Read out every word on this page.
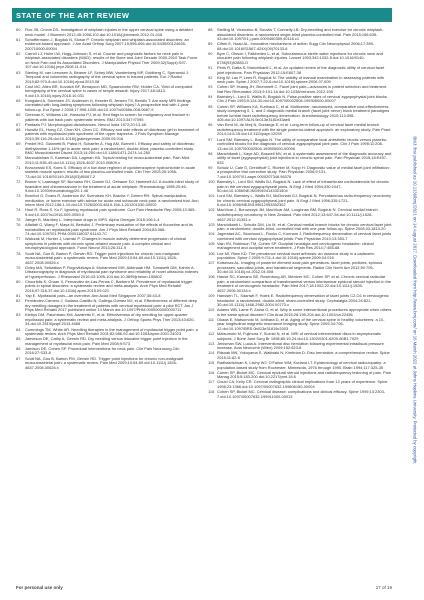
STATE OF THE ART REVIEW
BMJ: first published as 10.1136/bmj.l2021 on 14 August 2017. Downloaded from http://www.bmj.com/ on 16 March 2022 at Johns Hopkins University. Protected by copyright.
60	Fice JB, Cronin DS. Investigation of whiplash injuries in the upper cervical spine using a detailed neck model. J Biomech 2012;45:1098-102.doi:10.1016/j.jbiomech.2012.01.016
61	Schoffermann J, Bogduk N, Slosar P. Chronic whiplash and whiplash-associated disorders: an evidence-based approach. J Am Acad Orthop Surg 2007;15:596-606.doi:10.5435/00124635-200710000-00004
62	Carroll LJ, Holm LW, Hogg-Johnson S, et al. Course and prognostic factors for neck pain in whiplash-associated disorders (WAD): results of the Bone and Joint Decade 2000-2010 Task Force on Neck Pain and Its Associated Disorders. J Manipulative Physiol Ther 2009;32(Suppl):S97-107.doi:10.1016/j.jmpt.2008.11.014
63	Sterling M, van Leeuwen A, Beaner LF, Schey MW, Vandenberg MP, Goldberg C, Speranski J. Temporal and volumetric radiography of the cervical spine in trauma patients. Eur J Radiol 2019;82:970-8.doi:10.1016/j.ejrad.2019.08
64	Cost MC, Allen BR, Kovatch BF, Benayoun MD, Spaandonke RW, Holder CA. Yield of computed tomography of the cervical spine in cases of simple assault. Injury 2017;48:1813-9.doi:10.1016/j.injury.2016.10.031
65	Kongsted A, Sorensen JS, Andersen H, Keseler B, Jensen TS, Bendix T. Are early MRI findings correlated with long-lasting symptoms following whiplash injury? A prospective trial with 1-year follow-up. Eur Spine J 2008;17:996-1005.doi:10.1007/s00586-008-0687-9
66	Greenan K, Williams LM, Hanscha PJ, et al. Red flags to screen for malignancy and fracture in patients with low back pain: systematic review. BMJ 2013;347:f7095
67	Pantazis PJ. Morphological disturbances. Neurol India 1972;20:13-48.
68	Hurwitz EL, Hong CZ, Chen KH, Chen CC. Efficacy and side effects of diclofenac gel in treatment of patients with myofascial pain syndrome of the upper trapezius. J Pain Symptom Manage 2010;39:116-25.doi:10.1016/j.jpainsymman.2009.05.016
69	Predel HG, Giannetti B, Pabst H, Schaefer A, Hug AM, Burnett I. Efficacy and safety of diclofenac diethylamine 1.16% gel in acute neck pain: a randomized, double-blind, placebo-controlled study. BMC Musculoskelet Disord 2013;14:250.doi:10.1186/1471-2474-14-250
70	Manoukishaw S, Kanesan DA, Lagman HA. Topical testing for musculoskeletal pain. Pain Med 2010;11:535-49.doi:10.1111/j.1526-4637.2010.00809.x
71	Brzozowski ES, Koes S. Efficacy of a low dose regimen of cyclobenzaprine hydrochloride in acute skeletal muscle spasm: results of two placebo-controlled trials. Clin Ther 2003;25:1056-73.doi:10.1016/S0149-2918(03)80067-2
72	Bruner V, Laasnage SF, Burnaiso RH, Gosiek DJ, Gebauer DJ, Hammell AJ. A double-blind study of tizanidine and chlormezanone in the treatment of acute whiplash. Rheumatology 1985;20:46-9.doi:10.1093/rheumatology/20.1.46
73	Bronfort G, Evans R, Anderson AV, Svendsen KH, Bracha Y, Grimm RH. Spinal manipulation, medication, or home exercise with advice for acute and subacute neck pain: a randomized trial. Ann Intern Med 2012;156:1-10.doi:10.7326/0003-4819-156-1-201201030-00002
74	Hout R, Ross S, Ko F. Ignoring myofascial pain syndrome. Curr Pain Headache Rep 2009;13:365-9.doi:10.1007/s11916-009-0059-0
75	Jaeger B, Manthey L. Interphase drugs in MPS. Alpha Omegan 2015:106:1-4
76	Affaitati G, Wang F, Maya M, Bertolini J. Preliminary evaluation of the effects of fluoxetine and its metabolites on myofascial pain syndrome. Am J Phys Med Rehabil 2004;83:368-74.doi:10.1097/01.PHM.0000118037.61143.7C
77	Walczak M, Hunter J, Lisinski P. Changes in muscle activity determine progression of clinical symptoms in patients with chronic spine-related muscle pain. A complex clinical and neurophysiological approach. Funct Neurol 2013;26:311-9
78	Scott NA, Guo B, Barton P, Gerwin RD. Trigger point injections for chronic non-malignant musculoskeletal pain: a systematic review. Pain Med 2009;10:54-69.doi:10.1111/j.1526-4637.2008.00526.x
79	Oxley MA, Sebastian P, Rogovitzkaya A. Mohammed MH, Aldenaab HM, Tomasetti DM, Kahrin A. Ultrasonography in diagnosis of myofascial pain syndrome and reliability of novel ultrasonic indexes of hyperperfusion. J Rheumatol 2016;43:1095-104.doi:10.3899/jrheum.150802
80	Chourlidis K, Gruan X, Fernandez de-Las-Penas C, Barbero M. Prevalence of myofascial trigger points in spinal disorders: a systematic review and meta-analysis. Arch Phys Med Rehabil 2016;97:316-37.doi:10.1016/j.apmr.2015.09.021
81	Yap E. Myofascial pain—an overview. Ann Acad Med Singapore 2007;36:43-8
82	Fernández-Carnero J, Galiano-Castillo N, Gallego-Gómez MJ, et al. Effectiveness of different deep dry needling dosages in the treatment of patients with cervical myofascial pain: a pilot RCT. Am J Phys Med Rehabil 2017 published online 14 March doi:10.1097/PHM.0000000000000711
83	Kietrys DM, Palombaro KM, Azzaretto E, et al. Effectiveness of dry needling for upper-quarter myofascial pain: a systematic review and meta-analysis. J Orthop Sports Phys Ther 2013;43:620-34.doi:10.2519/jospt.2013.4668
84	Cummings TM, White AR. Needling therapies in the management of myofascial trigger point pain: a systematic review. Arch Phys Med Rehabil 2001;82:986-92.doi:10.1053/apmr.2001.24023
85	Jamieson DE, Cathy A, Gerwin RD. Dry needling versus lidocaine trigger point injection in the management of myofascial neck pain. Pain Med 2008;9:S73
86	Jamison DE, Cohen SP. Procedural interventions for neck pain. Clin Pain Neurosurg Clin 2016:27:S33-8
87	Scott NA, Guo B, Barton PM, Gerwin RD. Trigger point injections for chronic non-malignant musculoskeletal pain: a systematic review. Pain Med 2009;10:54-69.doi:10.1111/j.1526-4637.2008.00526.x
88	Stelling M, Vicenzino B, Souvlis T, Connelly LB. Dry-needling and exercise for chronic whiplash-associated disorders: a randomized single-blind placebo-controlled trial. Pain 2015;156:635-43.doi:10.1097/01.j.pain.0000460359.40116.c1
89	Cifrek E, Noad AL. Innovative mechanisms of action Sugg Clin Neurophysiol 2006;17:359-68.doi:10.1016/S1567-424X(09)70133-8
90	Byrn C, Olsson I, Falkheden L, et al. Subcutaneous sterile water injections for chronic neck and shoulder pain following whiplash injuries. Lancet 1993;342:1032-5.doi:10.1016/0140-6736(93)92883-O
91	Peris R, Datta S, Manchikanti L, et al. An updated review of the diagnostic utility of cervical facet joint injections. Pain Physician 2012;15:E807-38
92	King W, Lau P, Lees R, Bogduk N. The validity of manual examination in assessing patients with neck pain. Spine J 2007;7:22-6.doi:10.1016/j.spinee.2006.07.009
93	Cohen SP, Huang JH, Brummett C. Facet joint pain—advances in patient selection and treatment. Nat Rev Rheumatol 2013;9:101-16.doi:10.1038/nrrheum.2012.198
94	Barnsley L, Lord S, Wallis B, Bogduk N. False-positive rates of cervical zygapophysial joint blocks. Clin J Pain 1993;9:124-30.doi:10.1097/00002508-199306000-00007
95	Cohen SP, Williams KA, Kurihara C, et al. Multicenter, randomized, comparative cost-effectiveness study comparing 0, 1, and 2 diagnostic medial branch (facet joint nerve) block treatment paradigms before lumbar facet radiofrequency denervation. Anesthesiology 2010;113:395-405.doi:10.1097/ALN.0b013e3181e33ae5
96	Van Eerd M, de Meij N, Dortangs E, et al. Long-term follow-up of cervical facet medial branch radiofrequency treatment with the single posterior-lateral approach: an exploratory study. Pain Pract 2014;14:8-15.doi:10.1111/papr.12039
97	Lord SM, Barnsley L, Bogduk N. The utility of comparative local anesthetic blocks versus placebo-controlled blocks for the diagnosis of cervical zygapophysial joint pain. Clin J Pain 1995;11:208-13.doi:10.1097/00002508-199509000-00006
98	Manchikanti L, Kaye AD, Boswell MV, et al. A systematic assessment of the diagnostic accuracy and utility of facet (zygapophysial) joint injections in chronic spinal pain. Pain Physician 2015;18:E497-533
99	Schulz U, Cale G, Dreidthoff C, Richter M, Kopp H. Diagnostic value of medial facet joint infiltration: a prospective trial correction study. Pain Physician 2006;9:131-7.doi:10.1097/01.aapn.0000207346.96376
100 Barnsley L, Lord SM, Wallis BJ, Bogduk N. Lack of effect of intraarticular corticosteroids for chronic pain in the cervical zygapophyseal joints. N Engl J Med 1994;330:1047-50.doi:10.1056/NEJM199404143301504
101 Lord SM, Barnsley L, Wallis BJ, McDonald GJ, Bogduk N. Percutaneous radio-frequency neurotomy for chronic cervical zygapophyseal-joint pain. N Engl J Med 1996;335:1721-6.doi:10.1056/NEJM199612053352302
102 MacVicar J, Borowczyk JM, MacVicar AM, Loughnan BM, Bogduk N. Cervical medial branch radiofrequency neurotomy in New Zealand. Pain Med 2012;13:647-54.doi:10.1111/j.1526-4637.2012.01351.x
103 Manchikanti L, Schultz DM, Liu M, et al. Cervical medial branch blocks for chronic cervical facet joint pain: a randomized, double-blind, controlled trial with one-year follow-up. Spine 2008;33:1813-20
104 Jagerstad AC, Stowhood L, Flocks C, Kunnam J. Radiofrequency denervation of cervical facet joints combined with cervical zygapophysial joints: Pain Physician 2010;13:353-7
105 Vain HV, Robinson TM, Cohen SP. Occipital neuralgia and cervicogenic headache: clinical management and occipital nerve treatment. J Pain Res 2014;7:455-68
106 Lee MI, Riew KD. The prevalence cervical facet arthrosis: an osseous study in a cadaveric population. Spine J 2009;9:711-4.doi:10.1016/j.spinee.2009.04.016
107 Kotsenas AL. Imaging of posterior element axial pain generators: facet joints, pedicles, spinous processes, sacroiliac joints, and transitional segments. Radiol Clin North Am 2012;50:705-30.doi:10.1016/j.rcl.2012.04.008
108 Hanse SC, Kamano SE, Rosenburg AR, Mentzer MC, Cohen SP, et al. Chronic cervical radicular pain: a randomised comparison of transforaminal versus interlaminar epidural steroid injection in the treatment of cervicogenic headache. Pain Med 2017;18:1002-22.doi:10.1111/j.1526-4637.2006.00134.x
109 Hanssen TL, Sdanwit F, Holek E. Radiofrequency denervation of facet joints C2-C6 in cervicogenic headache: a randomized, double-blind, sham-controlled study. Cephalalgia 2004;24:821-30.doi:10.1111/j.1468-2982.2004.00773.x
110 Adams WB, Lame P, Zaina G, et al. Why is some interventional procedures appropriate when others is the same spinal disorder? Clin Anat 2015;28:199-204.doi:10.1002/ca.22456
111 Okada E, Matsumoto M, Ichihara D, et al. Aging of the cervical spine in healthy volunteers: a 10-year longitudinal magnetic resonance imaging study. Spine 2009;34:706-12.doi:10.1097/BRS.0b013e31819c2003
112 Matsumoto M, Fujimura Y, Suzuki N, et al. MRI of cervical intervertebral discs in asymptomatic subjects. J Bone Joint Surg Br 1998;80:19-24.doi:10.1302/0301-620X.80B1.7929
113 Jenisman SW, Lucia A. Interventional disc herniation following experimental intradiscal pressure increase. Acta Neurochir (Wien) 2009;152:623-8
114 Ritsuak MN, Yokoyama S, Wakisaki N, Kimbrian D. Disc herniation: a comprehensive review. Spine 2015;11:82-6
115 Radhakrishnan K, Litchy WJ, O'Fallon WM, Kurland LT. Epidemiology of cervical radiculopathy: a population-based study from Rochester, Minnesota, 1976 through 1990. Brain 1994;117:325-35
116 Cohen SP, Bicket MC. Cervical epidural steroid injections and radiofrequency lesioning of pain. Pain Manag 2015;5:183-200.doi:10.2217/pmt.15.6
117 Gould CA, Kelly CR. Cervical radiographic clinical implications from 12 years of experience. Spine 1998;23:1366.doi:10.1097/00007632-199806150-00004
118 Cohen SP, Bicket MC. Cervical disease: complications and clinical efficacy. Spine 1999;13:2303-7.doi:10.1097/00007632-199911000-00013
For personal use only	17 of 19
